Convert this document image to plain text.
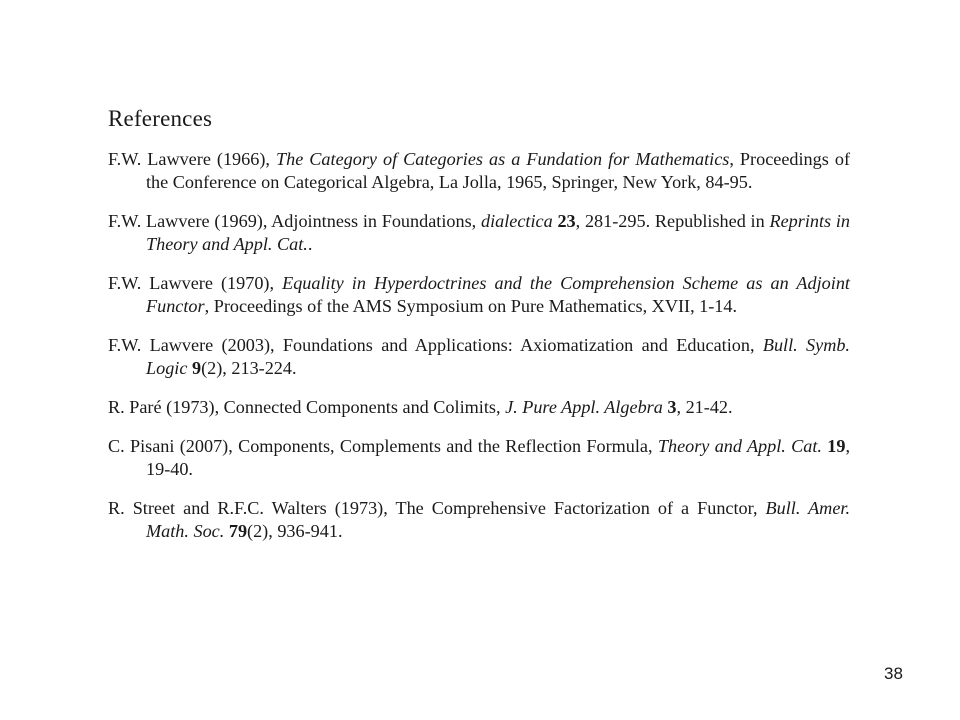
References
F.W. Lawvere (1966), The Category of Categories as a Fundation for Mathematics, Proceedings of the Conference on Categorical Algebra, La Jolla, 1965, Springer, New York, 84-95.
F.W. Lawvere (1969), Adjointness in Foundations, dialectica 23, 281-295. Republished in Reprints in Theory and Appl. Cat..
F.W. Lawvere (1970), Equality in Hyperdoctrines and the Comprehension Scheme as an Adjoint Functor, Proceedings of the AMS Symposium on Pure Mathematics, XVII, 1-14.
F.W. Lawvere (2003), Foundations and Applications: Axiomatization and Education, Bull. Symb. Logic 9(2), 213-224.
R. Paré (1973), Connected Components and Colimits, J. Pure Appl. Algebra 3, 21-42.
C. Pisani (2007), Components, Complements and the Reflection Formula, Theory and Appl. Cat. 19, 19-40.
R. Street and R.F.C. Walters (1973), The Comprehensive Factorization of a Functor, Bull. Amer. Math. Soc. 79(2), 936-941.
38
